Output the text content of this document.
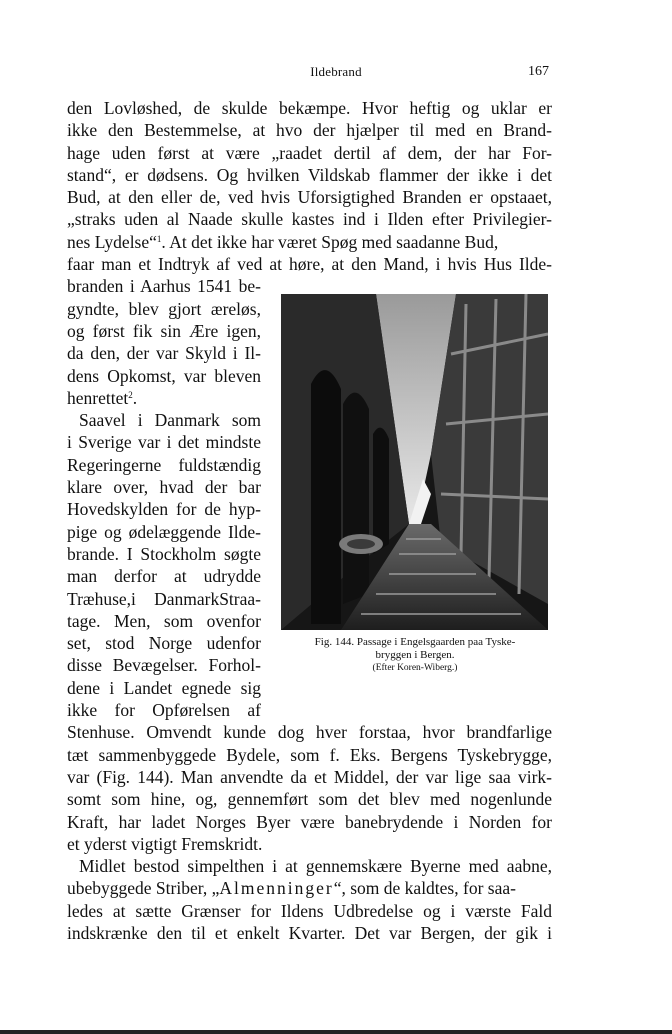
Ildebrand	167
den Lovløshed, de skulde bekæmpe. Hvor heftig og uklar er
ikke den Bestemmelse, at hvo der hjælper til med en Brand-
hage uden først at være „raadet dertil af dem, der har For-
stand“, er dødsens. Og hvilken Vildskab flammer der ikke i det
Bud, at den eller de, ved hvis Uforsigtighed Branden er opstaaet,
„straks uden al Naade skulle kastes ind i Ilden efter Privilegier-
nes Lydelse“$^1$. At det ikke har været Spøg med saadanne Bud,
faar man et Indtryk af ved at høre, at den Mand, i hvis Hus Ilde-
branden i Aarhus 1541 be-
gyndte, blev gjort æreløs,
og først fik sin Ære igen,
da den, der var Skyld i Il-
dens Opkomst, var bleven
henrettet$^2$.
Saavel i Danmark som
i Sverige var i det mindste
Regeringerne fuldstændig
klare over, hvad der bar
Hovedskylden for de hyp-
pige og ødelæggende Ilde-
brande. I Stockholm søgte
man derfor at udrydde
Træhuse,i DanmarkStraa-
tage. Men, som ovenfor
set, stod Norge udenfor
disse Bevægelser. Forhol-
dene i Landet egnede sig
ikke for Opførelsen af
Stenhuse. Omvendt kunde dog hver forstaa, hvor brandfarlige
tæt sammenbyggede Bydele, som f. Eks. Bergens Tyskebrygge,
var (Fig. 144). Man anvendte da et Middel, der var lige saa virk-
somt som hine, og, gennemført som det blev med nogenlunde
Kraft, har ladet Norges Byer være banebrydende i Norden for
et yderst vigtigt Fremskridt.
Midlet bestod simpelthen i at gennemskære Byerne med aabne,
ubebyggede Striber, „Almenninger“, som de kaldtes, for saa-
ledes at sætte Grænser for Ildens Udbredelse og i værste Fald
indskrænke den til et enkelt Kvarter. Det var Bergen, der gik i
Fig. 144. Passage i Engelsgaarden paa Tyske-
bryggen i Bergen.
(Efter Koren-Wiberg.)
